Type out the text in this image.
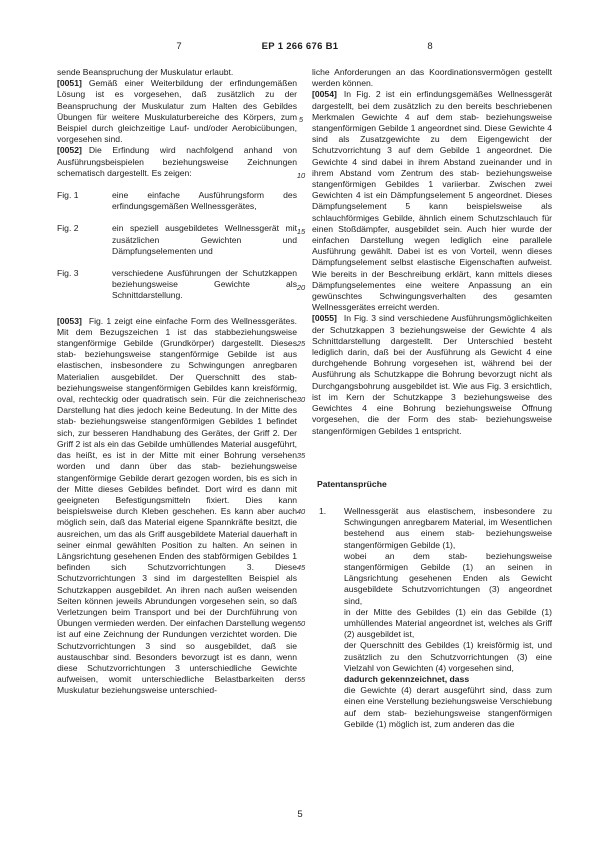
7	EP 1 266 676 B1	8
5
10
15
20
25
30
35
40
45
50
55

sende Beanspruchung der Muskulatur erlaubt.

[0051] Gemäß einer Weiterbildung der erfindungemäßen Lösung ist es vorgesehen, daß zusätzlich zu der Beanspruchung der Muskulatur zum Halten des Gebildes Übungen für weitere Muskulaturbereiche des Körpers, zum Beispiel durch gleichzeitige Lauf- und/oder Aerobicübungen, vorgesehen sind.

[0052] Die Erfindung wird nachfolgend anhand von Ausführungsbeispielen beziehungsweise Zeichnungen schematisch dargestellt. Es zeigen:

Fig. 1	eine einfache Ausführungsform des erfindungsgemäßen Wellnessgerätes,
Fig. 2	ein speziell ausgebildetes Wellnessgerät mit zusätzlichen Gewichten und Dämpfungselementen und
Fig. 3	verschiedene Ausführungen der Schutzkappen beziehungsweise Gewichte als Schnittdarstellung.

[0053] Fig. 1 zeigt eine einfache Form des Wellnessgerätes. Mit dem Bezugszeichen 1 ist das stabbeziehungsweise stangenförmige Gebilde (Grundkörper) dargestellt. Dieses stab- beziehungsweise stangenförmige Gebilde ist aus elastischen, insbesondere zu Schwingungen anregbaren Materialien ausgebildet. Der Querschnitt des stab- beziehungsweise stangenförmigen Gebildes kann kreisförmig, oval, rechteckig oder quadratisch sein. Für die zeichnerische Darstellung hat dies jedoch keine Bedeutung. In der Mitte des stab- beziehungsweise stangenförmigen Gebildes 1 befindet sich, zur besseren Handhabung des Gerätes, der Griff 2. Der Griff 2 ist als ein das Gebilde umhüllendes Material ausgeführt, das heißt, es ist in der Mitte mit einer Bohrung versehen worden und dann über das stab- beziehungsweise stangenförmige Gebilde derart gezogen worden, bis es sich in der Mitte dieses Gebildes befindet. Dort wird es dann mit geeigneten Befestigungsmitteln fixiert. Dies kann beispielsweise durch Kleben geschehen. Es kann aber auch möglich sein, daß das Material eigene Spannkräfte besitzt, die ausreichen, um das als Griff ausgebildete Material dauerhaft in seiner einmal gewählten Position zu halten. An seinen in Längsrichtung gesehenen Enden des stabförmigen Gebildes 1 befinden sich Schutzvorrichtungen 3. Diese Schutzvorrichtungen 3 sind im dargestellten Beispiel als Schutzkappen ausgebildet. An ihren nach außen weisenden Seiten können jeweils Abrundungen vorgesehen sein, so daß Verletzungen beim Transport und bei der Durchführung von Übungen vermieden werden. Der einfachen Darstellung wegen ist auf eine Zeichnung der Rundungen verzichtet worden. Die Schutzvorrichtungen 3 sind so ausgebildet, daß sie austauschbar sind. Besonders bevorzugt ist es dann, wenn diese Schutzvorrichtungen 3 unterschiedliche Gewichte aufweisen, womit unterschiedliche Belastbarkeiten der Muskulatur beziehungsweise unterschied-

liche Anforderungen an das Koordinationsvermögen gestellt werden können.

[0054] In Fig. 2 ist ein erfindungsgemäßes Wellnessgerät dargestellt, bei dem zusätzlich zu den bereits beschriebenen Merkmalen Gewichte 4 auf dem stab- beziehungsweise stangenförmigen Gebilde 1 angeordnet sind. Diese Gewichte 4 sind als Zusatzgewichte zu dem Eigengewicht der Schutzvorrichtung 3 auf dem Gebilde 1 angeordnet. Die Gewichte 4 sind dabei in ihrem Abstand zueinander und in ihrem Abstand vom Zentrum des stab- beziehungsweise stangenförmigen Gebildes 1 variierbar. Zwischen zwei Gewichten 4 ist ein Dämpfungselement 5 angeordnet. Dieses Dämpfungselement 5 kann beispielsweise als schlauchförmiges Gebilde, ähnlich einem Schutzschlauch für einen Stoßdämpfer, ausgebildet sein. Auch hier wurde der einfachen Darstellung wegen lediglich eine parallele Ausführung gewählt. Dabei ist es von Vorteil, wenn dieses Dämpfungselement selbst elastische Eigenschaften aufweist. Wie bereits in der Beschreibung erklärt, kann mittels dieses Dämpfungselementes eine weitere Anpassung an ein gewünschtes Schwingungsverhalten des gesamten Wellnessgerätes erreicht werden.

[0055] In Fig. 3 sind verschiedene Ausführungsmöglichkeiten der Schutzkappen 3 beziehungsweise der Gewichte 4 als Schnittdarstellung dargestellt. Der Unterschied besteht lediglich darin, daß bei der Ausführung als Gewicht 4 eine durchgehende Bohrung vorgesehen ist, während bei der Ausführung als Schutzkappe die Bohrung bevorzugt nicht als Durchgangsbohrung ausgebildet ist. Wie aus Fig. 3 ersichtlich, ist im Kern der Schutzkappe 3 beziehungsweise des Gewichtes 4 eine Bohrung beziehungsweise Öffnung vorgesehen, die der Form des stab- beziehungsweise stangenförmigen Gebildes 1 entspricht.

Patentansprüche

1.	Wellnessgerät aus elastischem, insbesondere zu Schwingungen anregbarem Material, im Wesentlichen bestehend aus einem stab- beziehungsweise stangenförmigen Gebilde (1),

wobei an dem stab- beziehungsweise stangenförmigen Gebilde (1) an seinen in Längsrichtung gesehenen Enden als Gewicht ausgebildete Schutzvorrichtungen (3) angeordnet sind,

in der Mitte des Gebildes (1) ein das Gebilde (1) umhüllendes Material angeordnet ist, welches als Griff (2) ausgebildet ist,

der Querschnitt des Gebildes (1) kreisförmig ist, und zusätzlich zu den Schutzvorrichtungen (3) eine Vielzahl von Gewichten (4) vorgesehen sind,

dadurch gekennzeichnet, dass

die Gewichte (4) derart ausgeführt sind, dass zum einen eine Verstellung beziehungsweise Verschiebung auf dem stab- beziehungsweise stangenförmigen Gebilde (1) möglich ist, zum anderen das die

5
